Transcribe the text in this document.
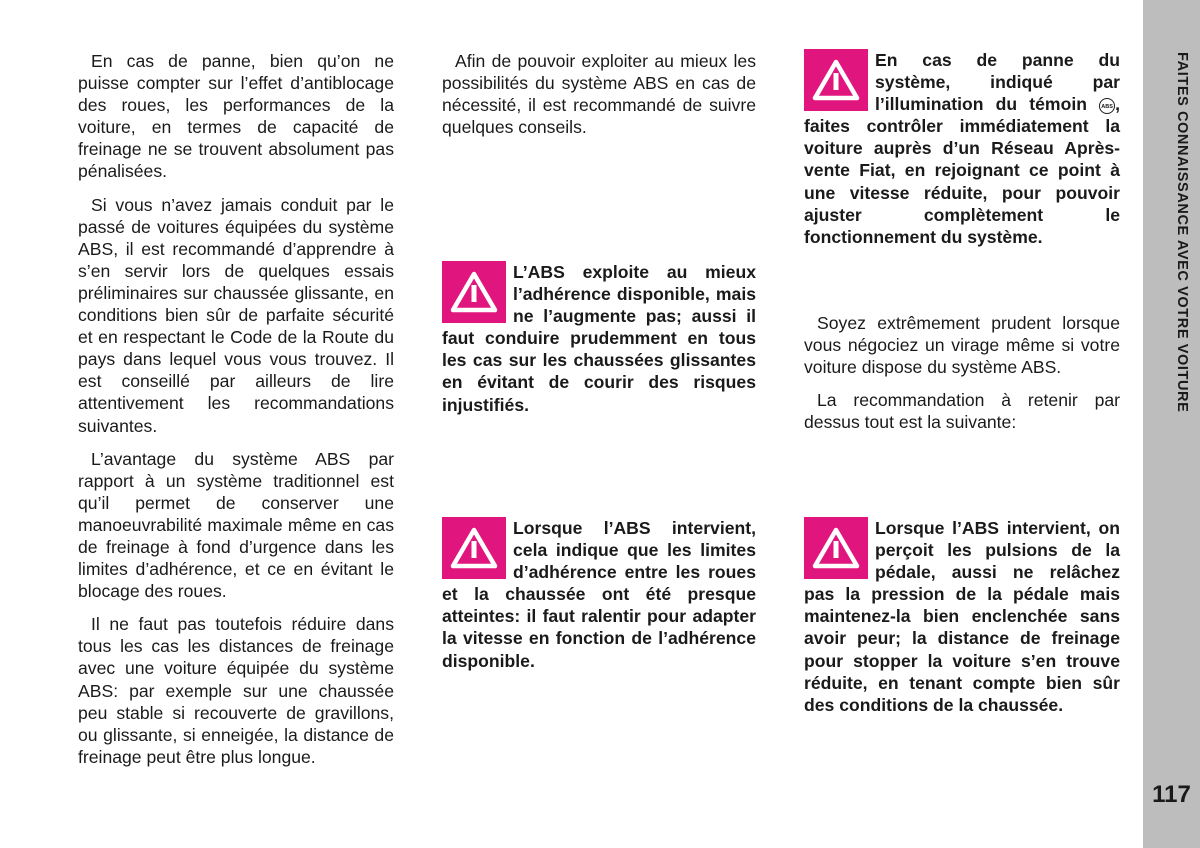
En cas de panne, bien qu’on ne puisse compter sur l’effet d’antiblocage des roues, les performances de la voiture, en termes de capacité de freinage ne se trouvent absolument pas pénalisées.

Si vous n’avez jamais conduit par le passé de voitures équipées du système ABS, il est recommandé d’apprendre à s’en servir lors de quelques essais préliminaires sur chaussée glissante, en conditions bien sûr de parfaite sécurité et en respectant le Code de la Route du pays dans lequel vous vous trouvez. Il est conseillé par ailleurs de lire attentivement les recommandations suivantes.

L’avantage du système ABS par rapport à un système traditionnel est qu’il permet de conserver une manoeuvrabilité maximale même en cas de freinage à fond d’urgence dans les limites d’adhérence, et ce en évitant le blocage des roues.

Il ne faut pas toutefois réduire dans tous les cas les distances de freinage avec une voiture équipée du système ABS: par exemple sur une chaussée peu stable si recouverte de gravillons, ou glissante, si enneigée, la distance de freinage peut être plus longue.

Afin de pouvoir exploiter au mieux les possibilités du système ABS en cas de nécessité, il est recommandé de suivre quelques conseils.

L’ABS exploite au mieux l’adhérence disponible, mais ne l’augmente pas; aussi il faut conduire prudemment en tous les cas sur les chaussées glissantes en évitant de courir des risques injustifiés.

Lorsque l’ABS intervient, cela indique que les limites d’adhérence entre les roues et la chaussée ont été presque atteintes: il faut ralentir pour adapter la vitesse en fonction de l’adhérence disponible.

En cas de panne du système, indiqué par l’illumination du témoin	ABS , faites contrôler immédiatement la voiture auprès d’un Réseau Après-vente Fiat, en rejoignant ce point à une vitesse réduite, pour pouvoir ajuster complètement le fonctionnement du système.

Soyez extrêmement prudent lorsque vous négociez un virage même si votre voiture dispose du système ABS.

La recommandation à retenir par dessus tout est la suivante:

Lorsque l’ABS intervient, on perçoit les pulsions de la pédale, aussi ne relâchez pas la pression de la pédale mais maintenez-la bien enclenchée sans avoir peur; la distance de freinage pour stopper la voiture s’en trouve réduite, en tenant compte bien sûr des conditions de la chaussée.

FAITES CONNAISSANCE AVEC VOTRE VOITURE
117
